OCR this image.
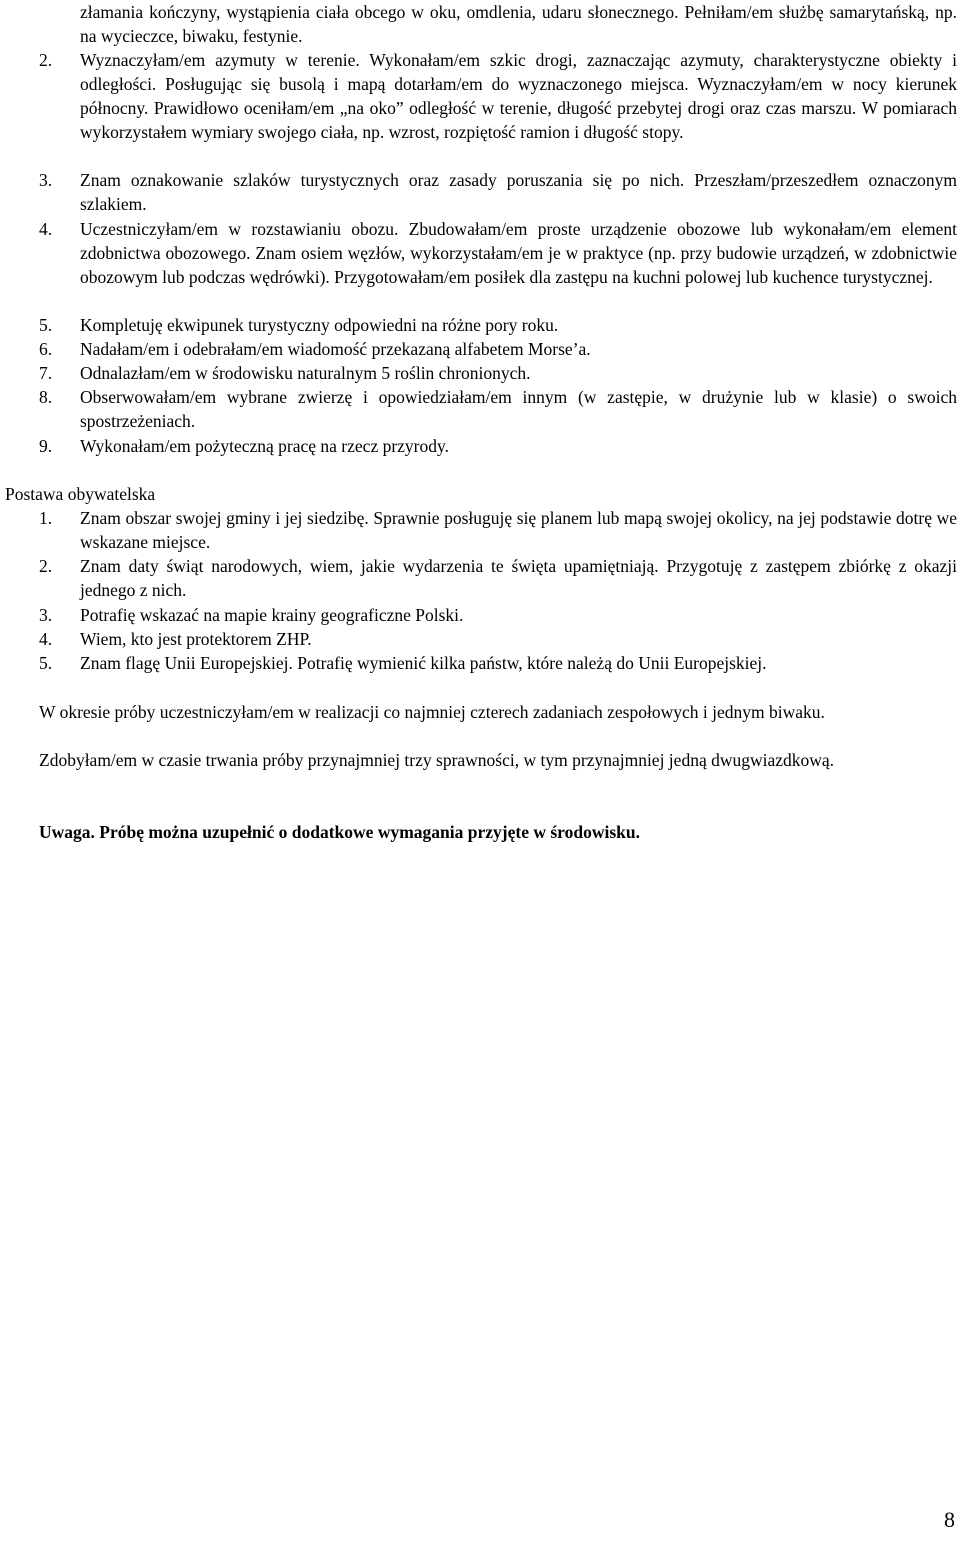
złamania kończyny, wystąpienia ciała obcego w oku, omdlenia, udaru słonecznego. Pełniłam/em służbę samarytańską, np. na wycieczce, biwaku, festynie.
2. Wyznaczyłam/em azymuty w terenie. Wykonałam/em szkic drogi, zaznaczając azymuty, charakterystyczne obiekty i odległości. Posługując się busolą i mapą dotarłam/em do wyznaczonego miejsca. Wyznaczyłam/em w nocy kierunek północny. Prawidłowo oceniłam/em „na oko” odległość w terenie, długość przebytej drogi oraz czas marszu. W pomiarach wykorzystałem wymiary swojego ciała, np. wzrost, rozpiętość ramion i długość stopy.
3. Znam oznakowanie szlaków turystycznych oraz zasady poruszania się po nich. Przeszłam/przeszedłem oznaczonym szlakiem.
4. Uczestniczyłam/em w rozstawianiu obozu. Zbudowałam/em proste urządzenie obozowe lub wykonałam/em element zdobnictwa obozowego. Znam osiem węzłów, wykorzystałam/em je w praktyce (np. przy budowie urządzeń, w zdobnictwie obozowym lub podczas wędrówki). Przygotowałam/em posiłek dla zastępu na kuchni polowej lub kuchence turystycznej.
5. Kompletuję ekwipunek turystyczny odpowiedni na różne pory roku.
6. Nadałam/em i odebrałam/em wiadomość przekazaną alfabetem Morse’a.
7. Odnalazłam/em w środowisku naturalnym 5 roślin chronionych.
8. Obserwowałam/em wybrane zwierzę i opowiedziałam/em innym (w zastępie, w drużynie lub w klasie) o swoich spostrzeżeniach.
9. Wykonałam/em pożyteczną pracę na rzecz przyrody.
Postawa obywatelska
1. Znam obszar swojej gminy i jej siedzibę. Sprawnie posługuję się planem lub mapą swojej okolicy, na jej podstawie dotrę we wskazane miejsce.
2. Znam daty świąt narodowych, wiem, jakie wydarzenia te święta upamiętniają. Przygotuję z zastępem zbiórkę z okazji jednego z nich.
3. Potrafię wskazać na mapie krainy geograficzne Polski.
4. Wiem, kto jest protektorem ZHP.
5. Znam flagę Unii Europejskiej. Potrafię wymienić kilka państw, które należą do Unii Europejskiej.
W okresie próby uczestniczyłam/em w realizacji co najmniej czterech zadaniach zespołowych i jednym biwaku.
Zdobyłam/em w czasie trwania próby przynajmniej trzy sprawności, w tym przynajmniej jedną dwugwiazdkową.
Uwaga. Próbę można uzupełnić o dodatkowe wymagania przyjęte w środowisku.
8
